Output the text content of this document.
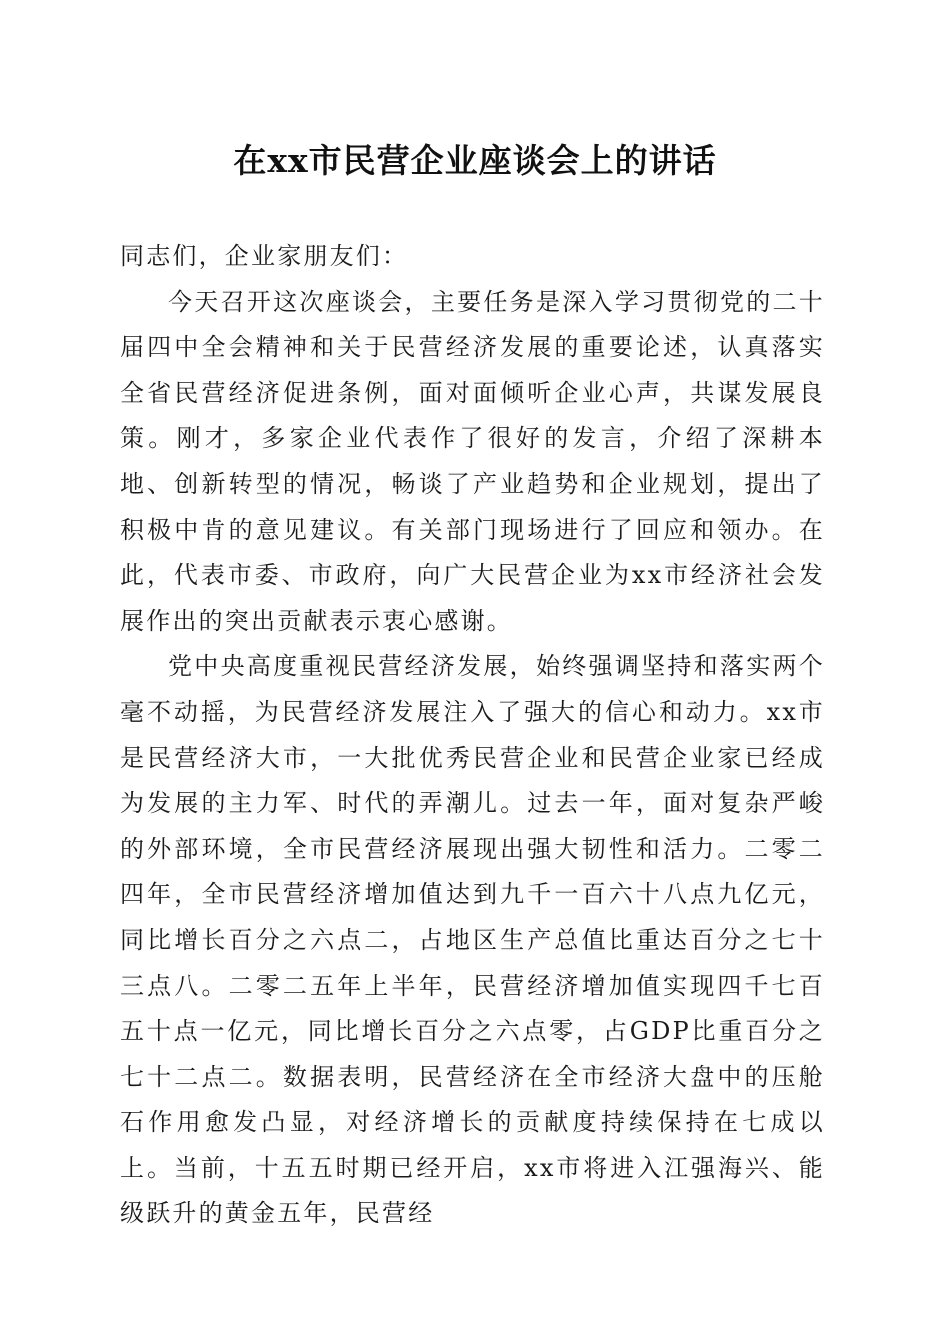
在xx市民营企业座谈会上的讲话

同志们，企业家朋友们：

今天召开这次座谈会，主要任务是深入学习贯彻党的二十届四中全会精神和关于民营经济发展的重要论述，认真落实全省民营经济促进条例，面对面倾听企业心声，共谋发展良策。刚才，多家企业代表作了很好的发言，介绍了深耕本地、创新转型的情况，畅谈了产业趋势和企业规划，提出了积极中肯的意见建议。有关部门现场进行了回应和领办。在此，代表市委、市政府，向广大民营企业为xx市经济社会发展作出的突出贡献表示衷心感谢。

党中央高度重视民营经济发展，始终强调坚持和落实两个毫不动摇，为民营经济发展注入了强大的信心和动力。xx市是民营经济大市，一大批优秀民营企业和民营企业家已经成为发展的主力军、时代的弄潮儿。过去一年，面对复杂严峻的外部环境，全市民营经济展现出强大韧性和活力。二零二四年，全市民营经济增加值达到九千一百六十八点九亿元，同比增长百分之六点二，占地区生产总值比重达百分之七十三点八。二零二五年上半年，民营经济增加值实现四千七百五十点一亿元，同比增长百分之六点零，占GDP比重百分之七十二点二。数据表明，民营经济在全市经济大盘中的压舱石作用愈发凸显，对经济增长的贡献度持续保持在七成以上。当前，十五五时期已经开启，xx市将进入江强海兴、能级跃升的黄金五年，民营经
